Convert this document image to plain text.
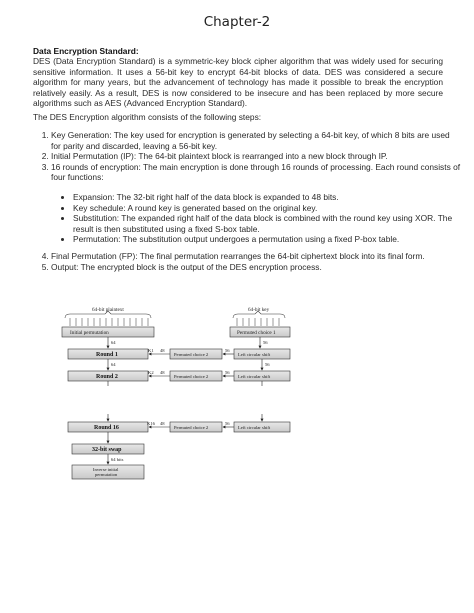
Chapter-2
Data Encryption Standard:
DES (Data Encryption Standard) is a symmetric-key block cipher algorithm that was widely used for securing sensitive information. It uses a 56-bit key to encrypt 64-bit blocks of data. DES was considered a secure algorithm for many years, but the advancement of technology has made it possible to break the encryption relatively easily. As a result, DES is now considered to be insecure and has been replaced by more secure algorithms such as AES (Advanced Encryption Standard).
The DES Encryption algorithm consists of the following steps:
1. Key Generation: The key used for encryption is generated by selecting a 64-bit key, of which 8 bits are used for parity and discarded, leaving a 56-bit key.
2. Initial Permutation (IP): The 64-bit plaintext block is rearranged into a new block through IP.
3. 16 rounds of encryption: The main encryption is done through 16 rounds of processing. Each round consists of four functions:
• Expansion: The 32-bit right half of the data block is expanded to 48 bits.
• Key schedule: A round key is generated based on the original key.
• Substitution: The expanded right half of the data block is combined with the round key using XOR. The result is then substituted using a fixed S-box table.
• Permutation: The substitution output undergoes a permutation using a fixed P-box table.
4. Final Permutation (FP): The final permutation rearranges the 64-bit ciphertext block into its final form.
5. Output: The encrypted block is the output of the DES encryption process.
64-bit plaintext	64-bit key
Initial permutation	Permuted choice 1
64	56
Round 1
K1 48
Permuted choice 2
56
Left circular shift
64	56
Round 2
K2 48
Permuted choice 2
56
Left circular shift
Round 16
K16 48
Permuted choice 2
56
Left circular shift
32-bit swap
64 bits
Inverse initial
permutation
